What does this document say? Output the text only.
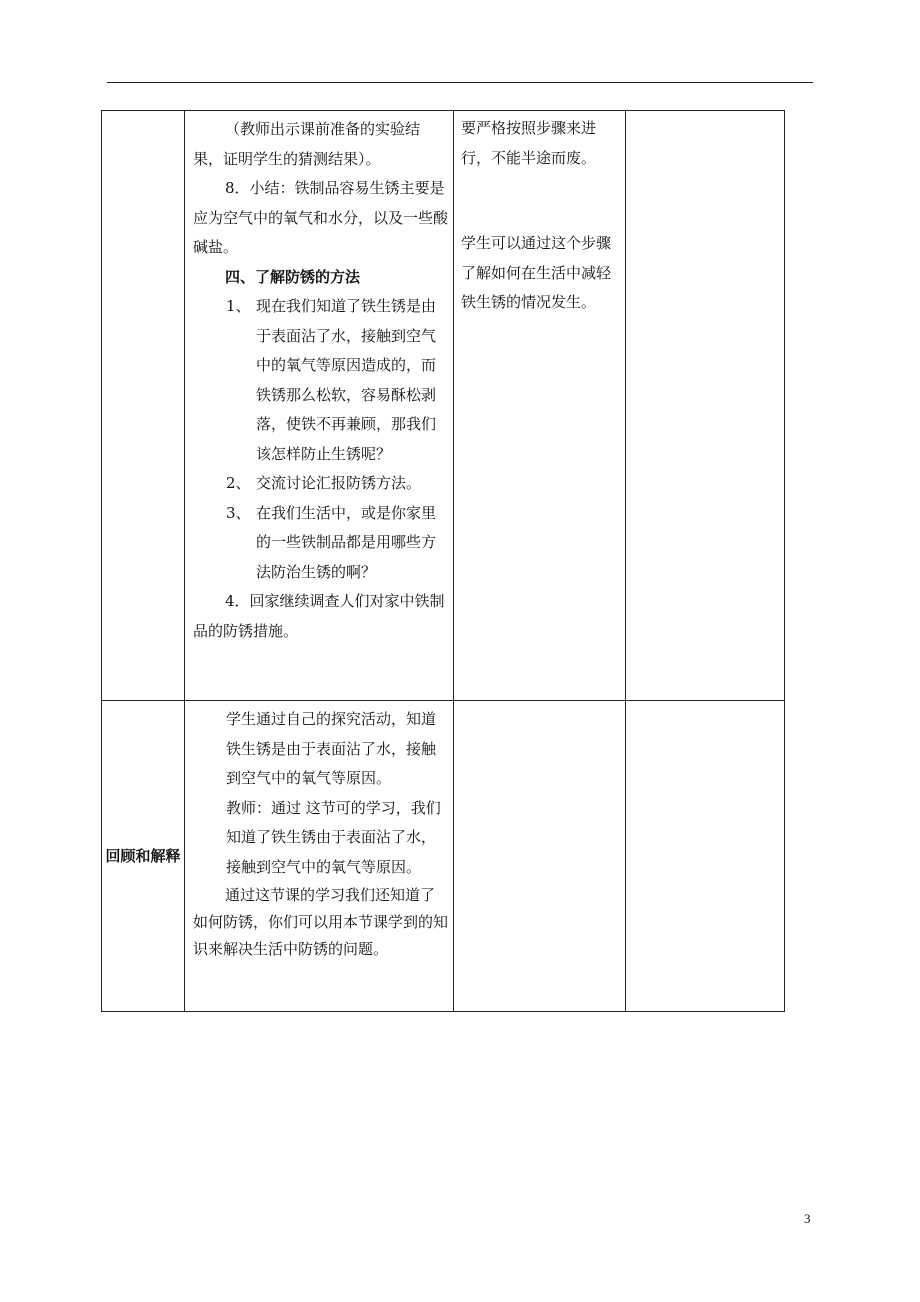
（教师出示课前准备的实验结果，证明学生的猜测结果）。

8．小结：铁制品容易生锈主要是应为空气中的氧气和水分，以及一些酸碱盐。

四、了解防锈的方法

1、 现在我们知道了铁生锈是由于表面沾了水，接触到空气中的氧气等原因造成的，而铁锈那么松软，容易酥松剥落，使铁不再兼顾，那我们该怎样防止生锈呢？
2、 交流讨论汇报防锈方法。
3、 在我们生活中，或是你家里的一些铁制品都是用哪些方法防治生锈的啊？

4．回家继续调查人们对家中铁制品的防锈措施。

要严格按照步骤来进行，不能半途而废。

学生可以通过这个步骤了解如何在生活中减轻铁生锈的情况发生。

回顾和解释

学生通过自己的探究活动，知道铁生锈是由于表面沾了水，接触到空气中的氧气等原因。

教师：通过 这节可的学习，我们知道了铁生锈由于表面沾了水，接触到空气中的氧气等原因。

通过这节课的学习我们还知道了如何防锈，你们可以用本节课学到的知识来解决生活中防锈的问题。

3
